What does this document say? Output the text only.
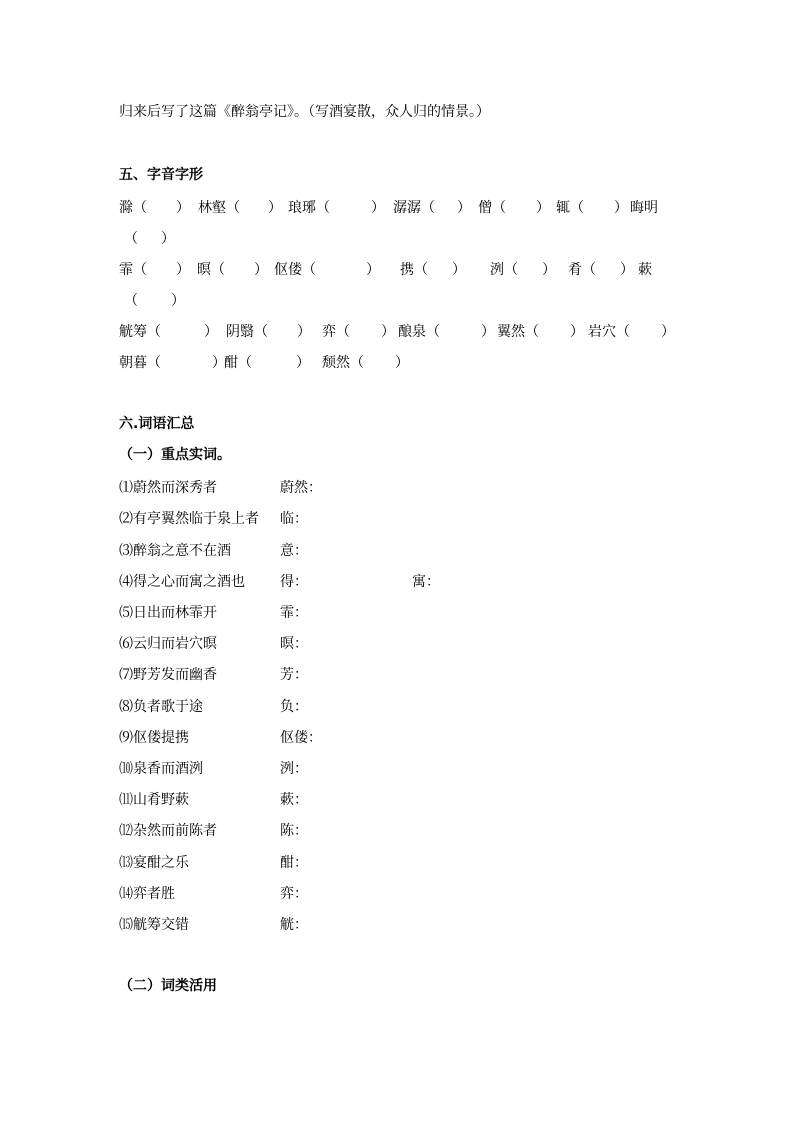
归来后写了这篇《醉翁亭记》。（写酒宴散，众人归的情景。）
五、字音字形
滁（ ） 林壑（ ） 琅琊（	） 潺潺（ ） 僧（ ） 辄（ ） 晦明
（ ）
霏（ ） 暝（ ） 伛偻（	） 携（ ） 洌（ ） 肴（ ） 蔌
（ ）
觥筹（	） 阴翳（ ） 弈（ ） 酿泉（	） 翼然（ ） 岩穴（ ）
朝暮（	）
酣（	） 颓然（ ）
六.词语汇总
（一）重点实词。
⑴蔚然而深秀者	蔚然：
⑵有亭翼然临于泉上者 临：
⑶醉翁之意不在酒	意：
⑷得之心而寓之酒也	得：	寓：
⑸日出而林霏开	霏：
⑹云归而岩穴暝	暝：
⑺野芳发而幽香	芳：
⑻负者歌于途	负：
⑼伛偻提携	伛偻：
⑽泉香而酒洌	洌：
⑾山肴野蔌	蔌：
⑿杂然而前陈者	陈：
⒀宴酣之乐	酣：
⒁弈者胜	弈：
⒂觥筹交错	觥：
（二）词类活用
